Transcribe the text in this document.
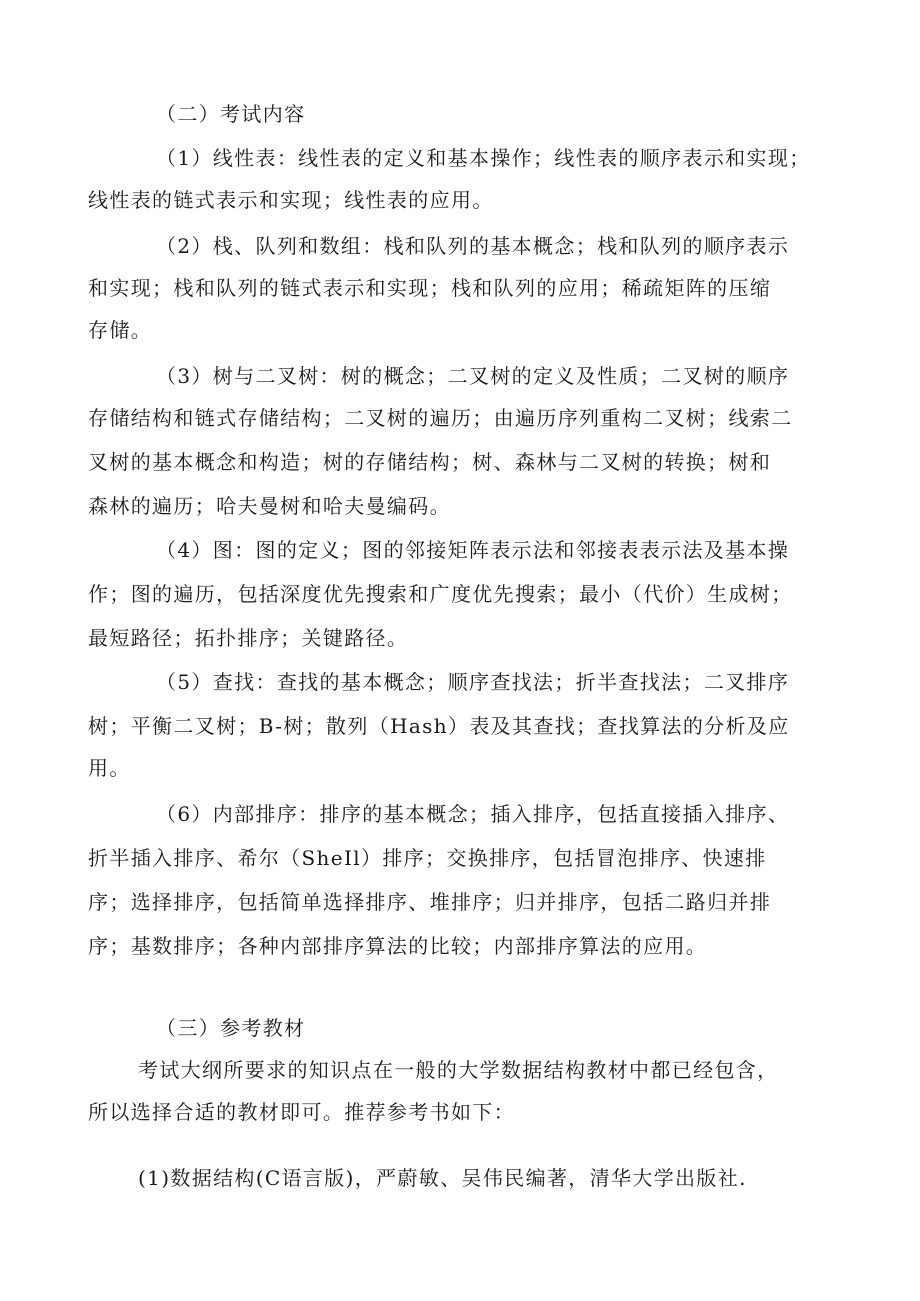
（二）考试内容
（1）线性表：线性表的定义和基本操作；线性表的顺序表示和实现；
线性表的链式表示和实现；线性表的应用。
（2）栈、队列和数组：栈和队列的基本概念；栈和队列的顺序表示
和实现；栈和队列的链式表示和实现；栈和队列的应用；稀疏矩阵的压缩
存储。
（3）树与二叉树：树的概念；二叉树的定义及性质；二叉树的顺序
存储结构和链式存储结构；二叉树的遍历；由遍历序列重构二叉树；线索二
叉树的基本概念和构造；树的存储结构；树、森林与二叉树的转换；树和
森林的遍历；哈夫曼树和哈夫曼编码。
（4）图：图的定义；图的邻接矩阵表示法和邻接表表示法及基本操
作；图的遍历，包括深度优先搜索和广度优先搜索；最小（代价）生成树；
最短路径；拓扑排序；关键路径。
（5）查找：查找的基本概念；顺序查找法；折半查找法；二叉排序
树；平衡二叉树；B-树；散列（Hash）表及其查找；查找算法的分析及应
用。
（6）内部排序：排序的基本概念；插入排序，包括直接插入排序、
折半插入排序、希尔（SheIl）排序；交换排序，包括冒泡排序、快速排
序；选择排序，包括简单选择排序、堆排序；归并排序，包括二路归并排
序；基数排序；各种内部排序算法的比较；内部排序算法的应用。
（三）参考教材
考试大纲所要求的知识点在一般的大学数据结构教材中都已经包含，
所以选择合适的教材即可。推荐参考书如下：
(1)数据结构(C语言版)，严蔚敏、吴伟民编著，清华大学出版社.
